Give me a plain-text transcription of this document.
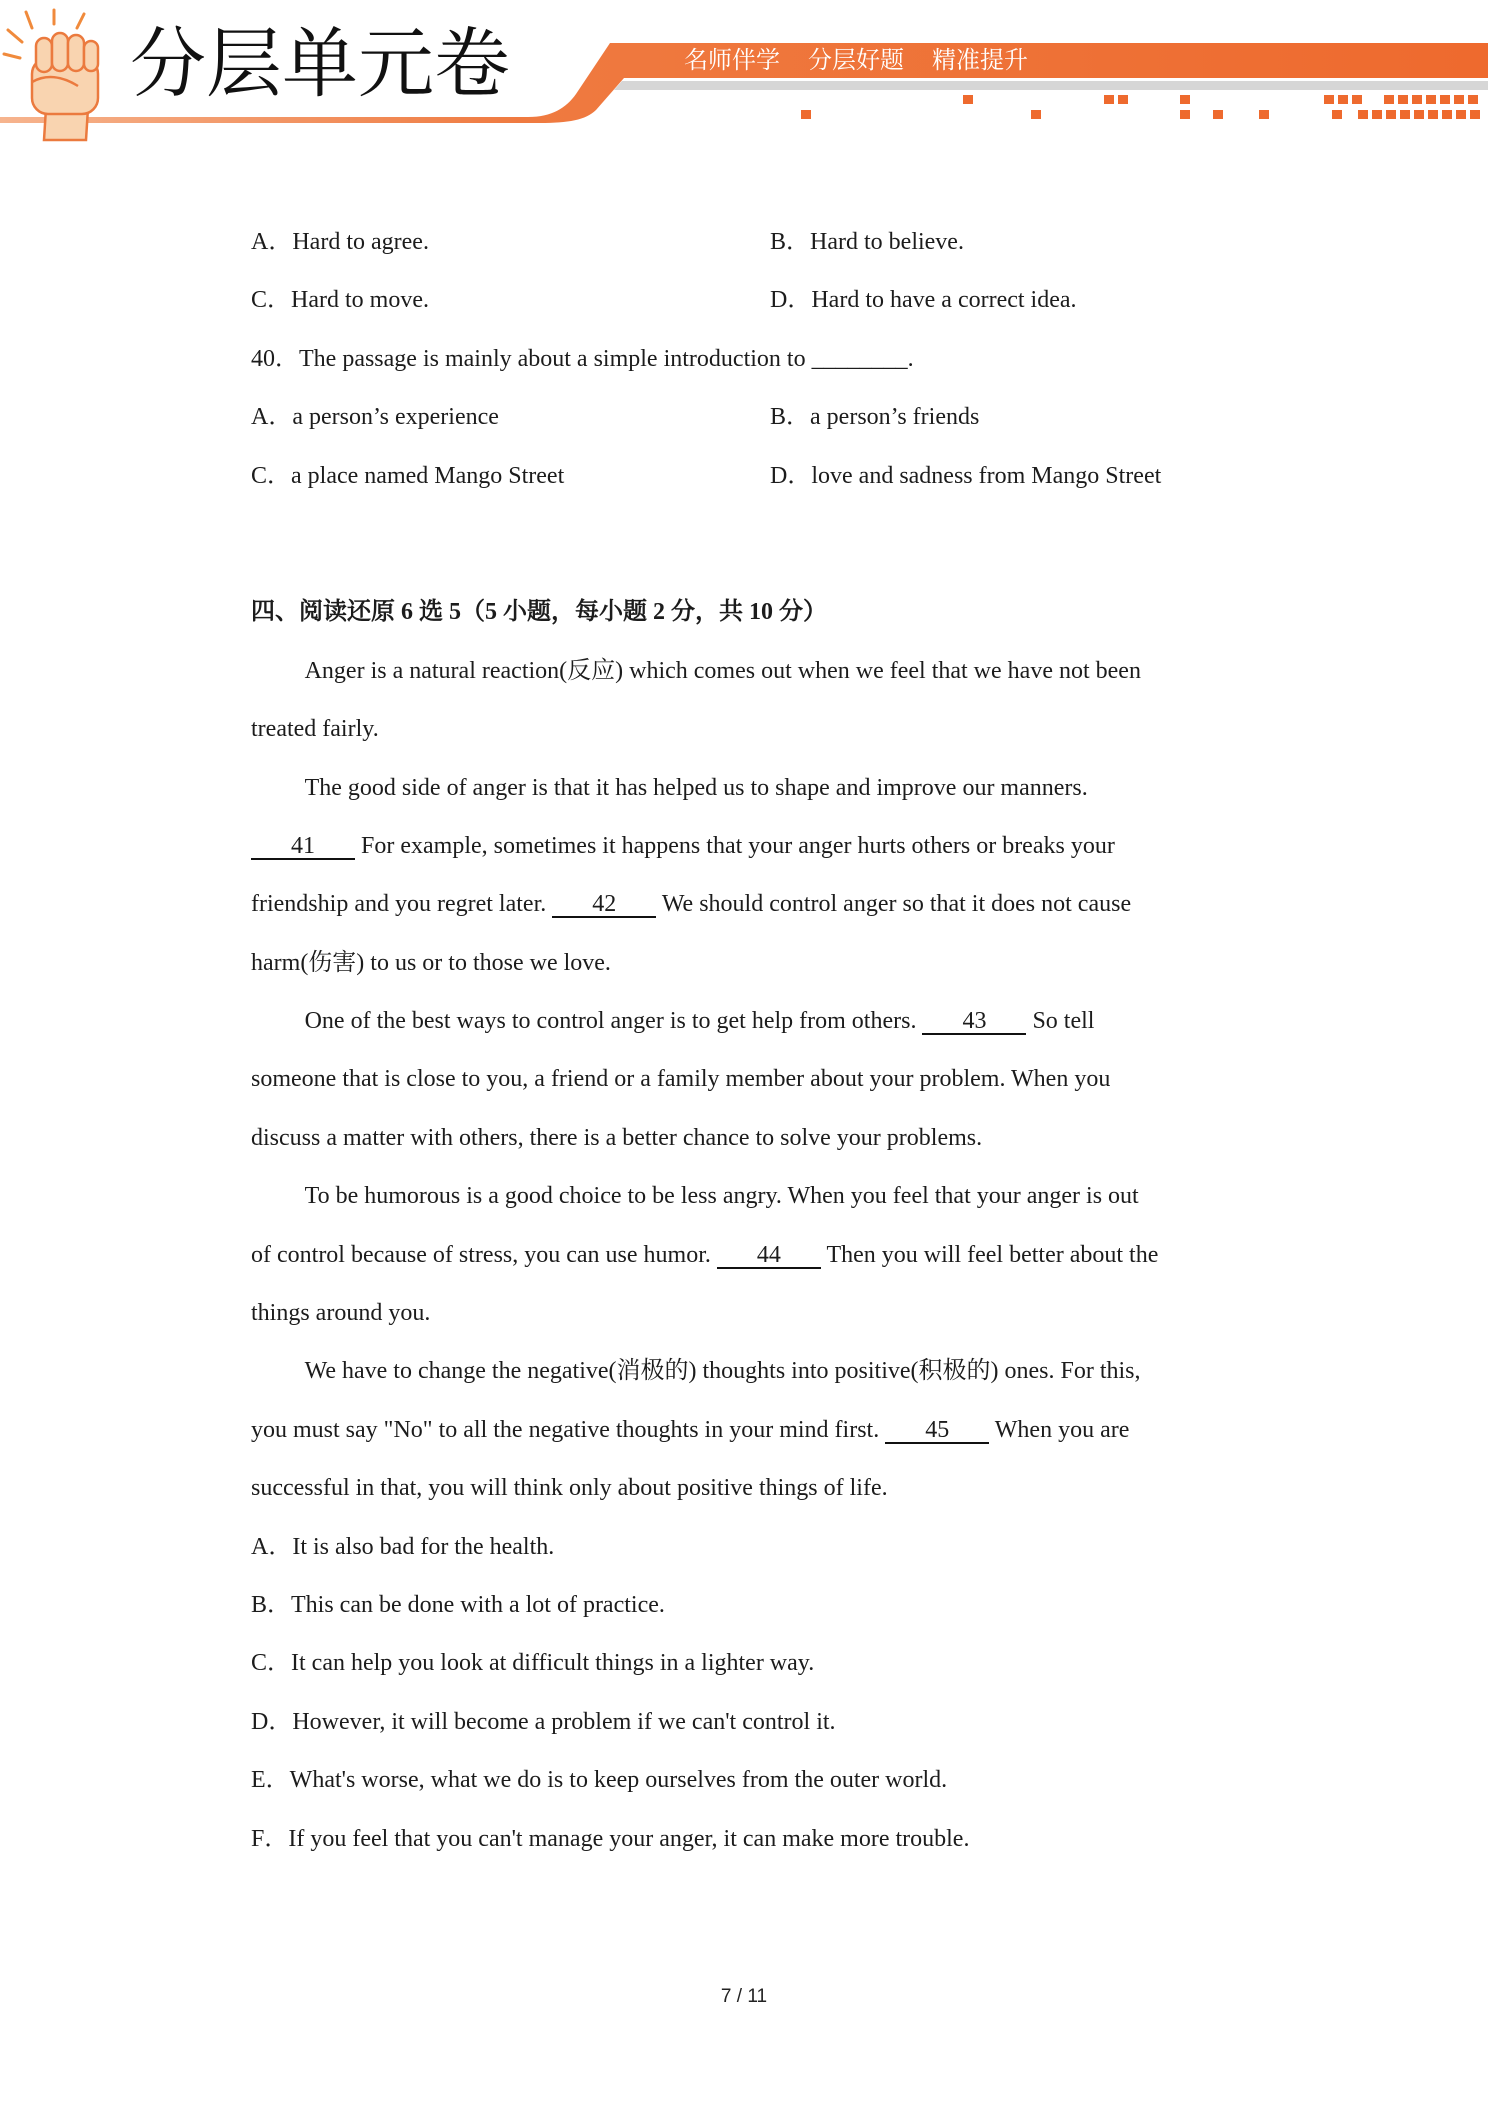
分层单元卷	名师伴学 分层好题 精准提升
A．Hard to agree.	B．Hard to believe.
C．Hard to move.	D．Hard to have a correct idea.
40．The passage is mainly about a simple introduction to ________.
A．a person’s experience	B．a person’s friends
C．a place named Mango Street	D．love and sadness from Mango Street
四、阅读还原 6 选 5（5 小题，每小题 2 分，共 10 分）
Anger is a natural reaction(反应) which comes out when we feel that we have not been
treated fairly.
The good side of anger is that it has helped us to shape and improve our manners.
41 For example, sometimes it happens that your anger hurts others or breaks your
friendship and you regret later. 42 We should control anger so that it does not cause
harm(伤害) to us or to those we love.
One of the best ways to control anger is to get help from others. 43 So tell
someone that is close to you, a friend or a family member about your problem. When you
discuss a matter with others, there is a better chance to solve your problems.
To be humorous is a good choice to be less angry. When you feel that your anger is out
of control because of stress, you can use humor. 44 Then you will feel better about the
things around you.
We have to change the negative(消极的) thoughts into positive(积极的) ones. For this,
you must say "No" to all the negative thoughts in your mind first. 45 When you are
successful in that, you will think only about positive things of life.
A．It is also bad for the health.
B．This can be done with a lot of practice.
C．It can help you look at difficult things in a lighter way.
D．However, it will become a problem if we can't control it.
E．What's worse, what we do is to keep ourselves from the outer world.
F．If you feel that you can't manage your anger, it can make more trouble.
7 / 11
